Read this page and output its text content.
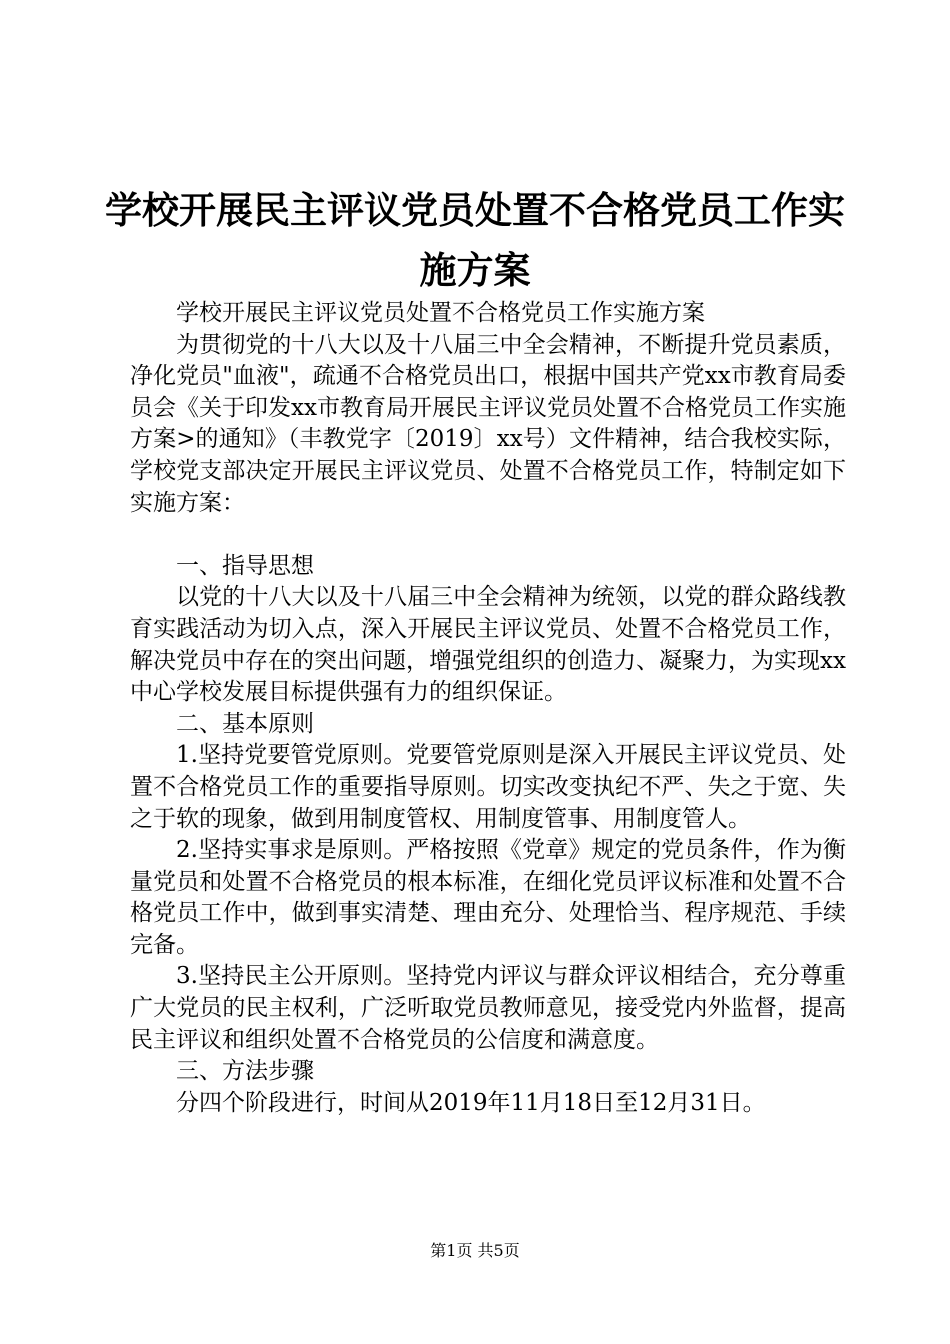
学校开展民主评议党员处置不合格党员工作实
施方案

学校开展民主评议党员处置不合格党员工作实施方案

为贯彻党的十八大以及十八届三中全会精神，不断提升党员素质，净化党员"血液"，疏通不合格党员出口，根据中国共产党xx市教育局委员会《关于印发xx市教育局开展民主评议党员处置不合格党员工作实施方案>的通知》（丰教党字〔2019〕xx号）文件精神，结合我校实际，学校党支部决定开展民主评议党员、处置不合格党员工作，特制定如下实施方案：

一、指导思想

以党的十八大以及十八届三中全会精神为统领，以党的群众路线教育实践活动为切入点，深入开展民主评议党员、处置不合格党员工作，解决党员中存在的突出问题，增强党组织的创造力、凝聚力，为实现xx中心学校发展目标提供强有力的组织保证。

二、基本原则

1.坚持党要管党原则。党要管党原则是深入开展民主评议党员、处置不合格党员工作的重要指导原则。切实改变执纪不严、失之于宽、失之于软的现象，做到用制度管权、用制度管事、用制度管人。

2.坚持实事求是原则。严格按照《党章》规定的党员条件，作为衡量党员和处置不合格党员的根本标准，在细化党员评议标准和处置不合格党员工作中，做到事实清楚、理由充分、处理恰当、程序规范、手续完备。

3.坚持民主公开原则。坚持党内评议与群众评议相结合，充分尊重广大党员的民主权利，广泛听取党员教师意见，接受党内外监督，提高民主评议和组织处置不合格党员的公信度和满意度。

三、方法步骤

分四个阶段进行，时间从2019年11月18日至12月31日。

第1页 共5页
